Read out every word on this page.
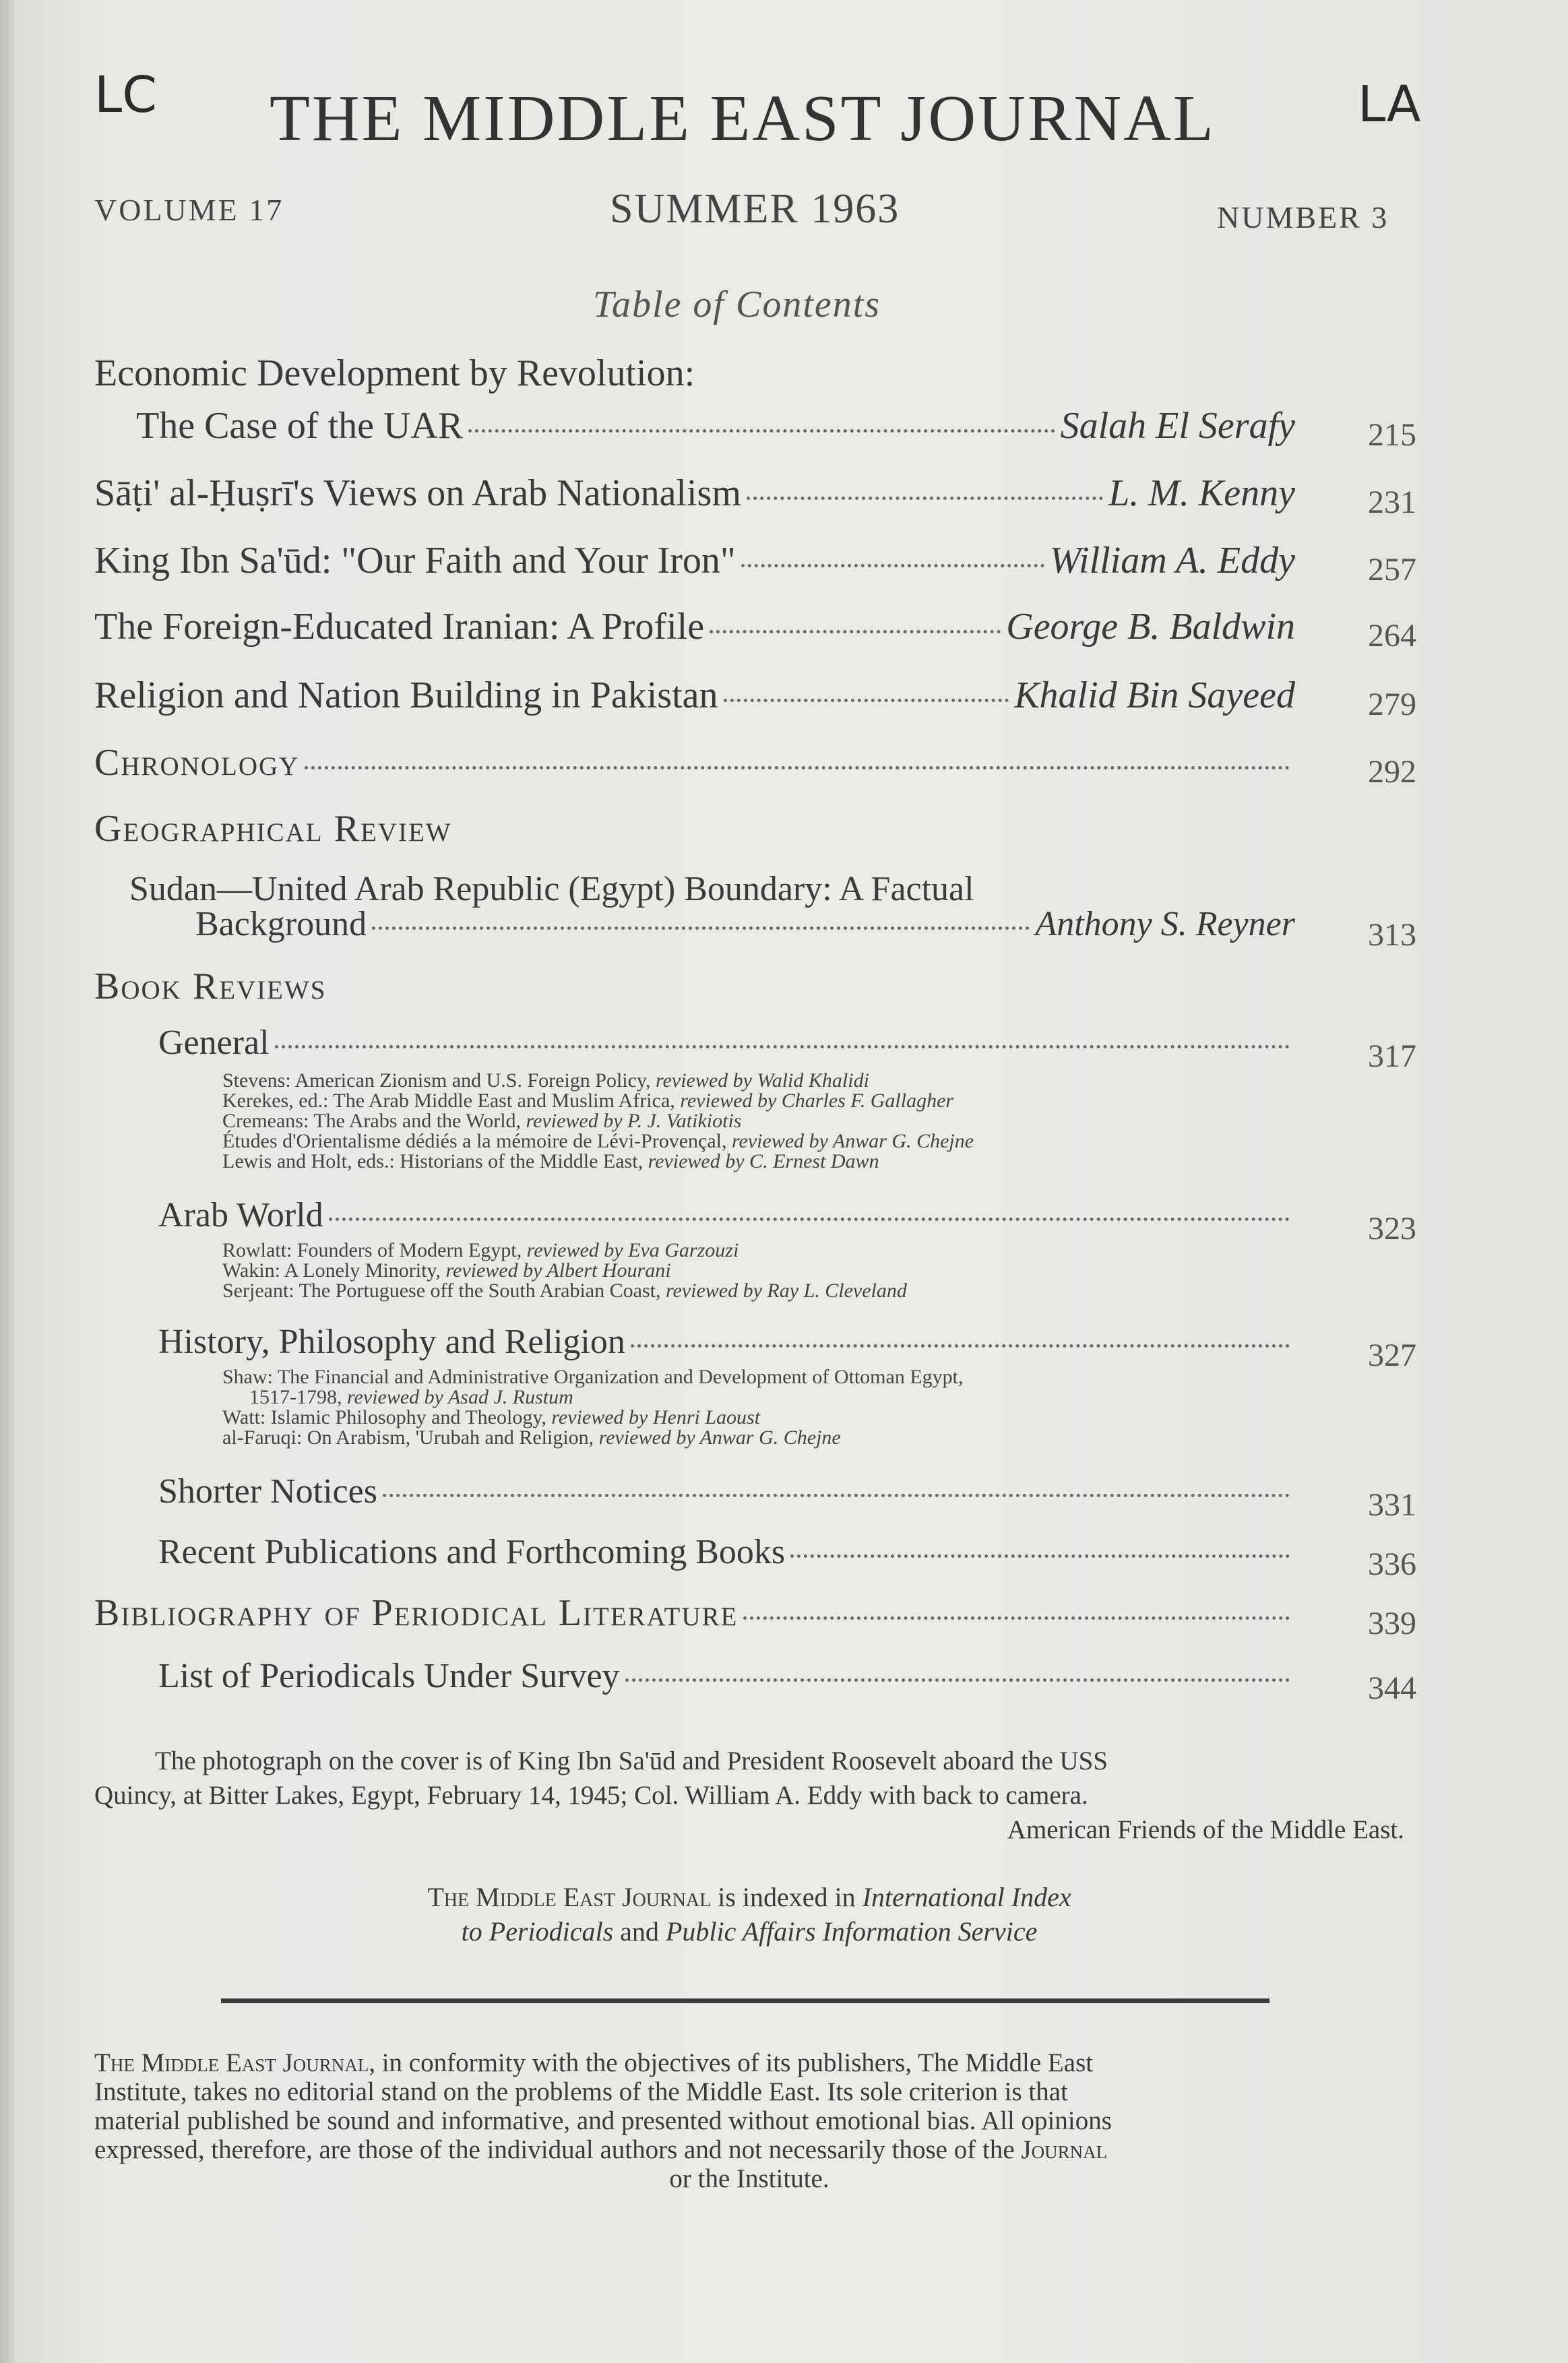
LC	LA
THE MIDDLE EAST JOURNAL
VOLUME 17	SUMMER 1963	NUMBER 3
Table of Contents
Economic Development by Revolution:
The Case of the UAR	Salah El Serafy	215
Sāṭi' al-Ḥuṣrī's Views on Arab Nationalism	L. M. Kenny	231
King Ibn Sa'ūd: "Our Faith and Your Iron"	William A. Eddy	257
The Foreign-Educated Iranian: A Profile	George B. Baldwin	264
Religion and Nation Building in Pakistan	Khalid Bin Sayeed	279
Chronology	292
Geographical Review
Sudan—United Arab Republic (Egypt) Boundary: A Factual
Background	Anthony S. Reyner	313
Book Reviews
General	317
Stevens: American Zionism and U.S. Foreign Policy, reviewed by Walid Khalidi
Kerekes, ed.: The Arab Middle East and Muslim Africa, reviewed by Charles F. Gallagher
Cremeans: The Arabs and the World, reviewed by P. J. Vatikiotis
Études d'Orientalisme dédiés a la mémoire de Lévi-Provençal, reviewed by Anwar G. Chejne
Lewis and Holt, eds.: Historians of the Middle East, reviewed by C. Ernest Dawn
Arab World	323
Rowlatt: Founders of Modern Egypt, reviewed by Eva Garzouzi
Wakin: A Lonely Minority, reviewed by Albert Hourani
Serjeant: The Portuguese off the South Arabian Coast, reviewed by Ray L. Cleveland
History, Philosophy and Religion	327
Shaw: The Financial and Administrative Organization and Development of Ottoman Egypt,
1517-1798, reviewed by Asad J. Rustum
Watt: Islamic Philosophy and Theology, reviewed by Henri Laoust
al-Faruqi: On Arabism, 'Urubah and Religion, reviewed by Anwar G. Chejne
Shorter Notices	331
Recent Publications and Forthcoming Books	336
Bibliography of Periodical Literature	339
List of Periodicals Under Survey	344
The photograph on the cover is of King Ibn Sa'ūd and President Roosevelt aboard the USS
Quincy, at Bitter Lakes, Egypt, February 14, 1945; Col. William A. Eddy with back to camera.
American Friends of the Middle East.
The Middle East Journal is indexed in International Index
to Periodicals and Public Affairs Information Service
The Middle East Journal, in conformity with the objectives of its publishers, The Middle East
Institute, takes no editorial stand on the problems of the Middle East. Its sole criterion is that
material published be sound and informative, and presented without emotional bias. All opinions
expressed, therefore, are those of the individual authors and not necessarily those of the Journal
or the Institute.
